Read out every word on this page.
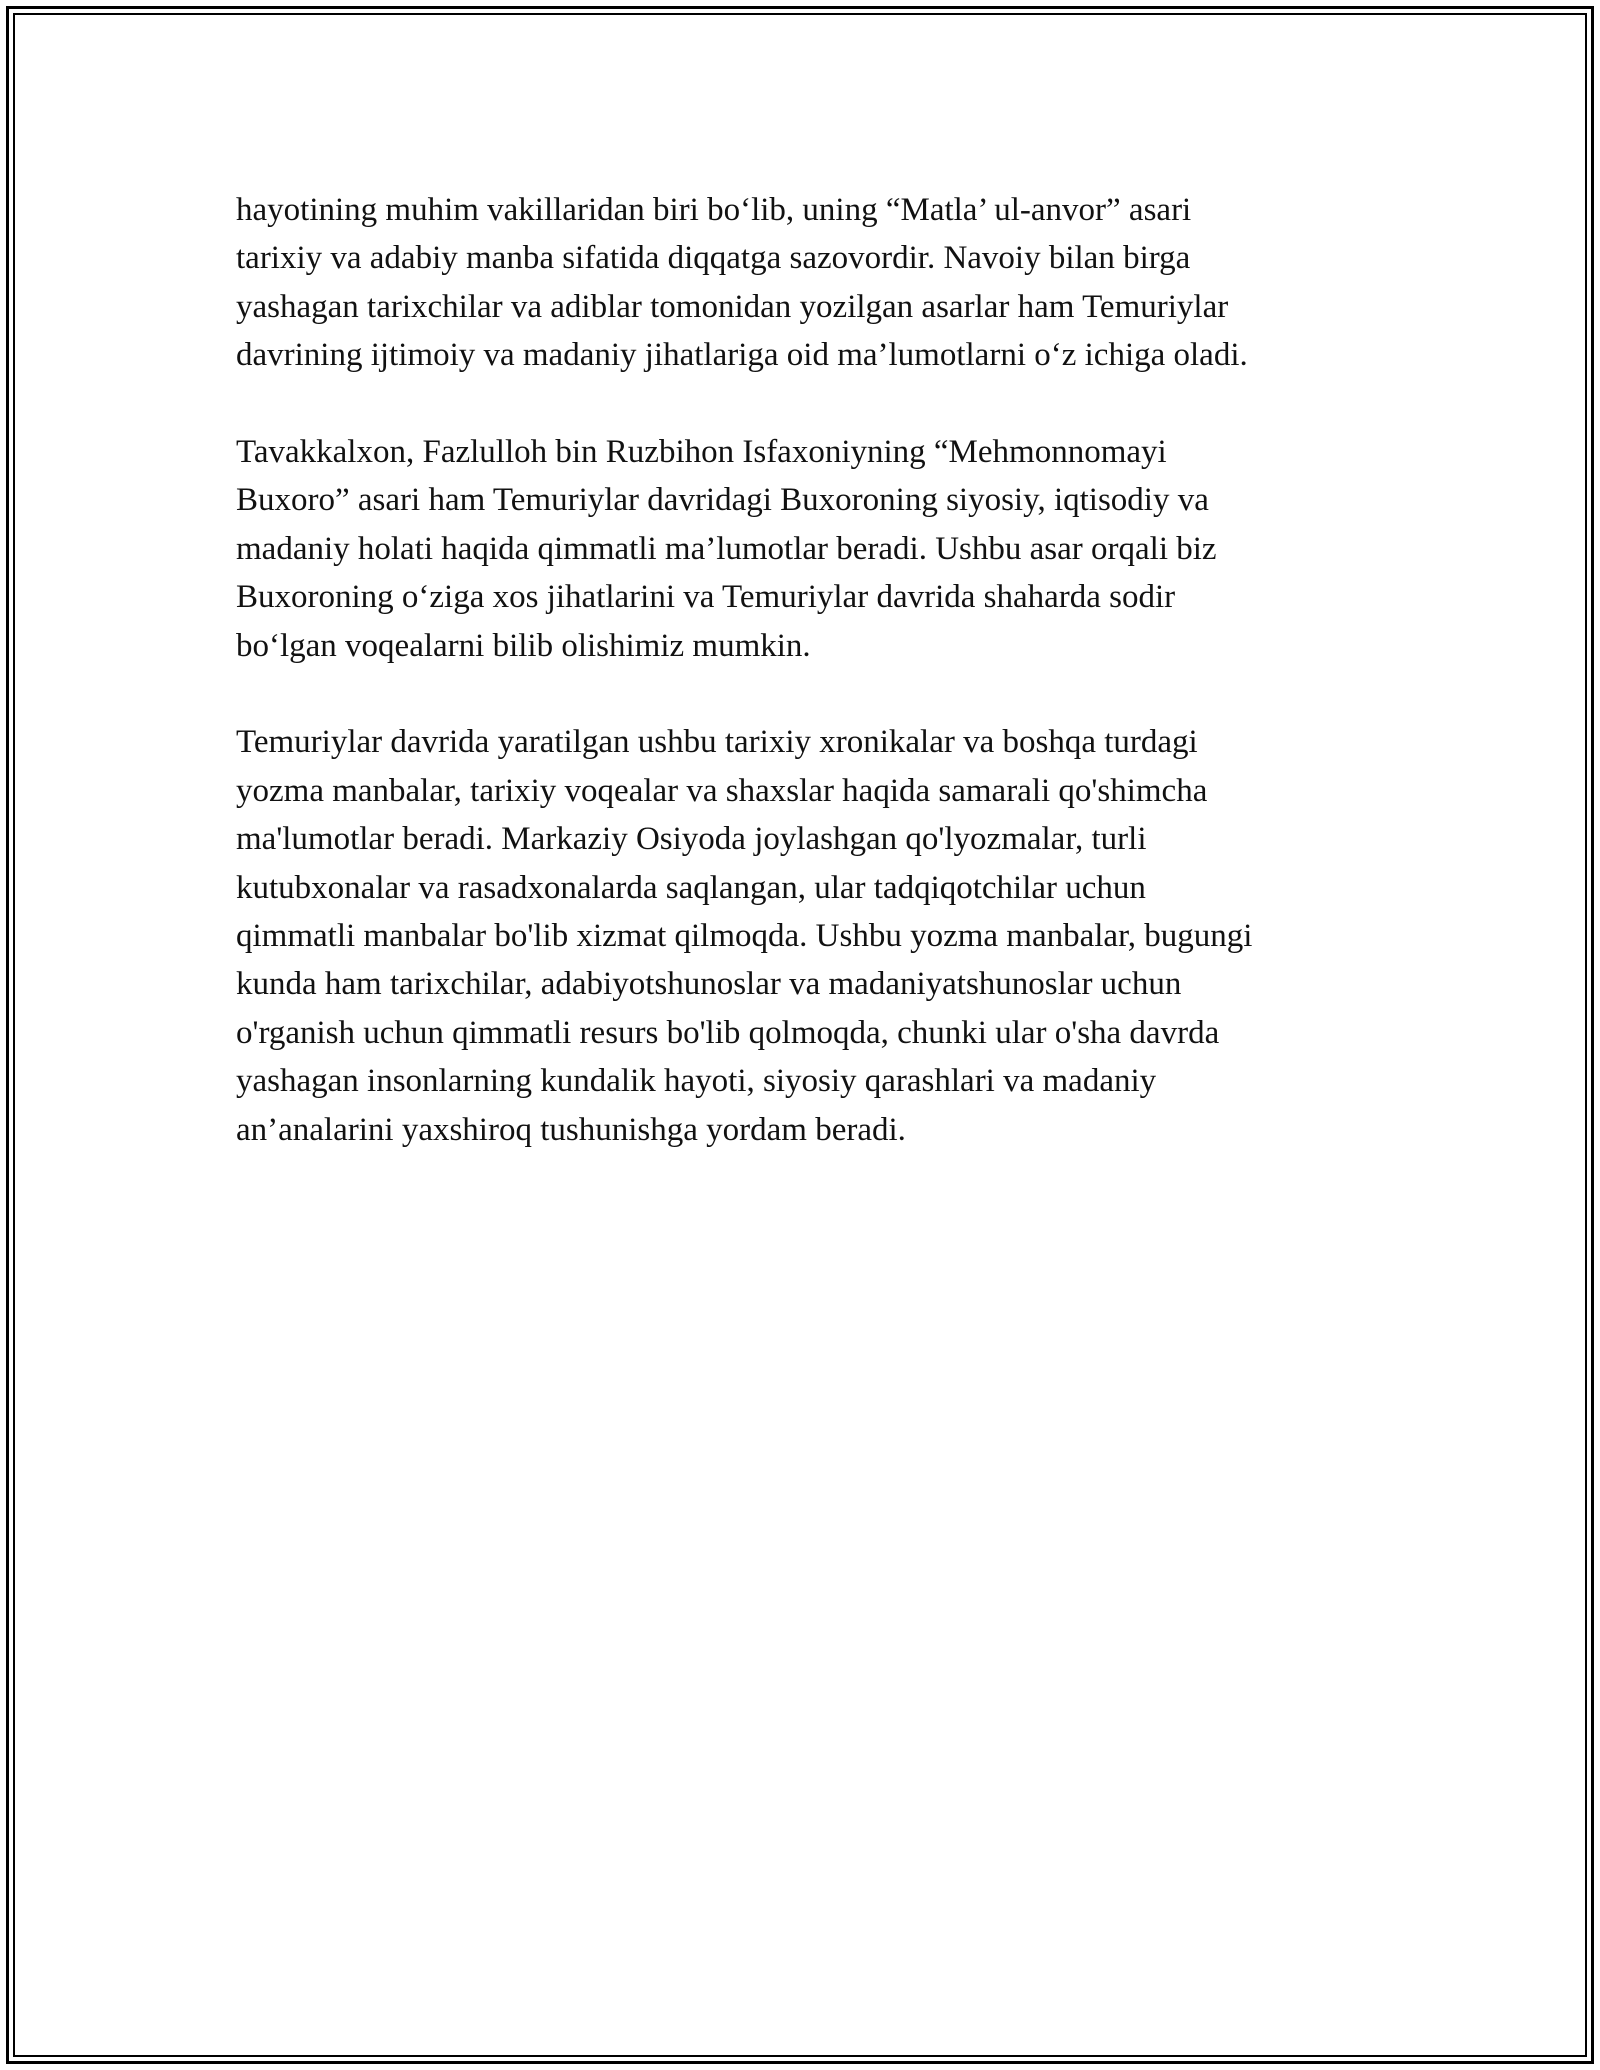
hayotining muhim vakillaridan biri bo‘lib, uning “Matla’ ul-anvor” asari
tarixiy va adabiy manba sifatida diqqatga sazovordir. Navoiy bilan birga
yashagan tarixchilar va adiblar tomonidan yozilgan asarlar ham Temuriylar
davrining ijtimoiy va madaniy jihatlariga oid ma’lumotlarni o‘z ichiga oladi.

Tavakkalxon, Fazlulloh bin Ruzbihon Isfaxoniyning “Mehmonnomayi
Buxoro” asari ham Temuriylar davridagi Buxoroning siyosiy, iqtisodiy va
madaniy holati haqida qimmatli ma’lumotlar beradi. Ushbu asar orqali biz
Buxoroning o‘ziga xos jihatlarini va Temuriylar davrida shaharda sodir
bo‘lgan voqealarni bilib olishimiz mumkin.

Temuriylar davrida yaratilgan ushbu tarixiy xronikalar va boshqa turdagi
yozma manbalar, tarixiy voqealar va shaxslar haqida samarali qo'shimcha
ma'lumotlar beradi. Markaziy Osiyoda joylashgan qo'lyozmalar, turli
kutubxonalar va rasadxonalarda saqlangan, ular tadqiqotchilar uchun
qimmatli manbalar bo'lib xizmat qilmoqda. Ushbu yozma manbalar, bugungi
kunda ham tarixchilar, adabiyotshunoslar va madaniyatshunoslar uchun
o'rganish uchun qimmatli resurs bo'lib qolmoqda, chunki ular o'sha davrda
yashagan insonlarning kundalik hayoti, siyosiy qarashlari va madaniy
an’analarini yaxshiroq tushunishga yordam beradi.
